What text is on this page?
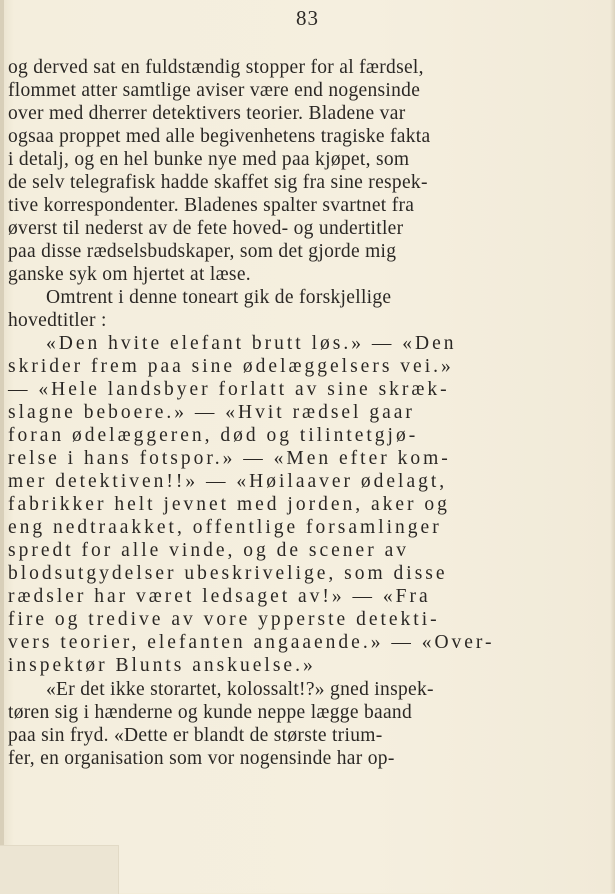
83
og derved sat en fuldstændig stopper for al færdsel,
flommet atter samtlige aviser være end nogensinde
over med dherrer detektivers teorier. Bladene var
ogsaa proppet med alle begivenhetens tragiske fakta
i detalj, og en hel bunke nye med paa kjøpet, som
de selv telegrafisk hadde skaffet sig fra sine respek-
tive korrespondenter. Bladenes spalter svartnet fra
øverst til nederst av de fete hoved- og undertitler
paa disse rædselsbudskaper, som det gjorde mig
ganske syk om hjertet at læse.
Omtrent i denne toneart gik de forskjellige
hovedtitler :
«Den hvite elefant brutt løs.» — «Den
skrider frem paa sine ødelæggelsers vei.»
— «Hele landsbyer forlatt av sine skræk-
slagne beboere.» — «Hvit rædsel gaar
foran ødelæggeren, død og tilintetgjø-
relse i hans fotspor.» — «Men efter kom-
mer detektiven!!» — «Høilaaver ødelagt,
fabrikker helt jevnet med jorden, aker og
eng nedtraakket, offentlige forsamlinger
spredt for alle vinde, og de scener av
blodsutgydelser ubeskrivelige, som disse
rædsler har været ledsaget av!» — «Fra
fire og tredive av vore ypperste detekti-
vers teorier, elefanten angaaende.» — «Over-
inspektør Blunts anskuelse.»
«Er det ikke storartet, kolossalt!?» gned inspek-
tøren sig i hænderne og kunde neppe lægge baand
paa sin fryd. «Dette er blandt de største trium-
fer, en organisation som vor nogensinde har op-
